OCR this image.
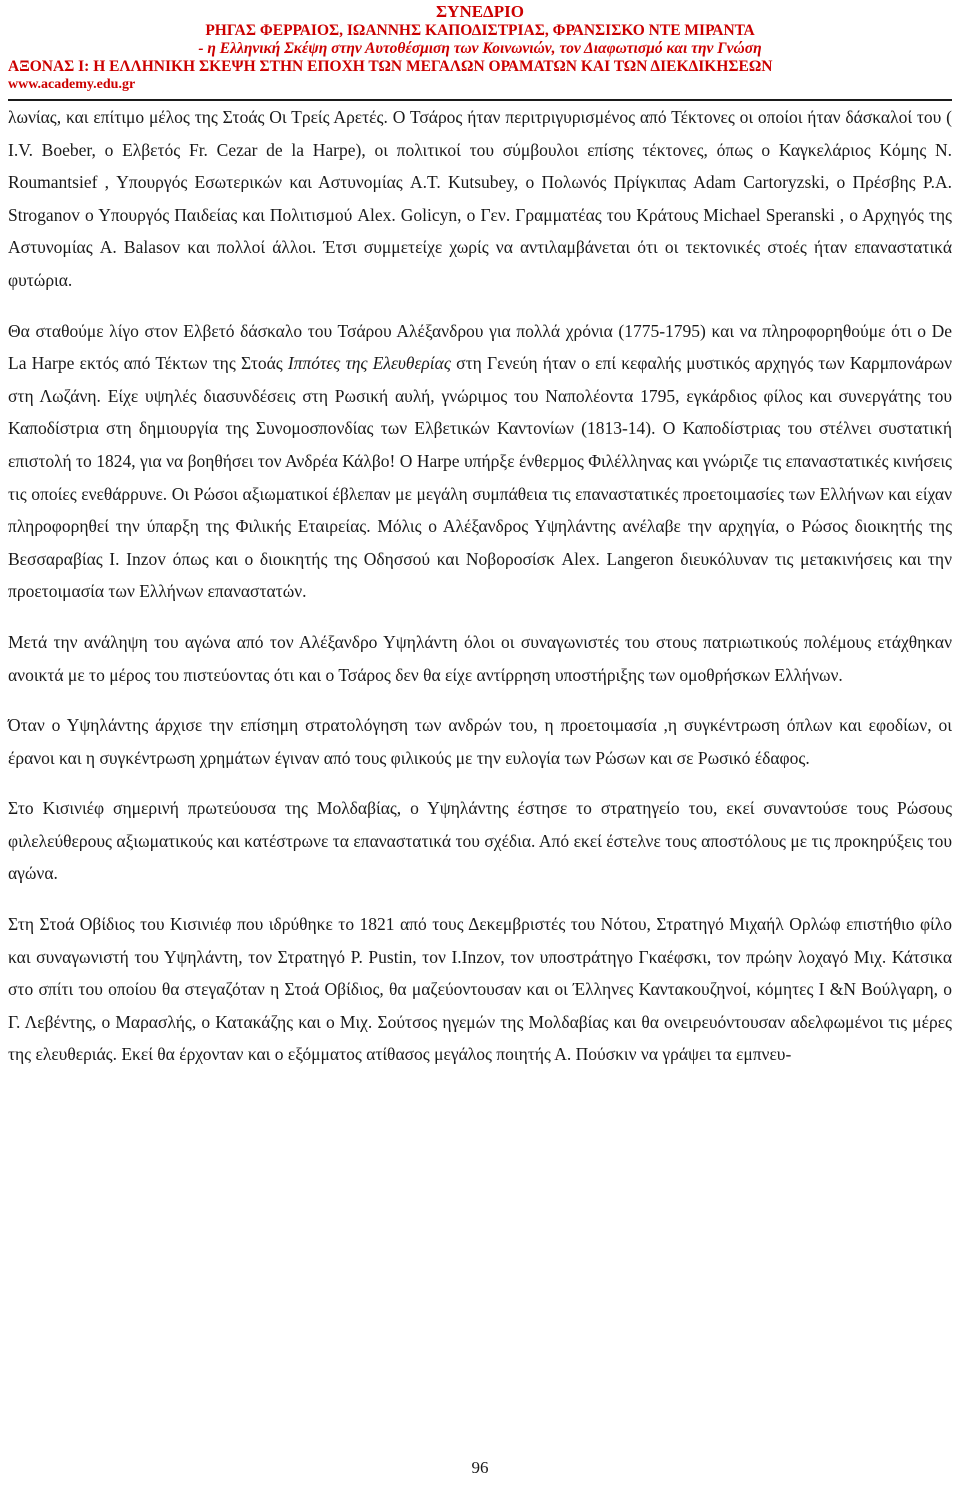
ΣΥΝΕΔΡΙΟ
ΡΗΓΑΣ ΦΕΡΡΑΙΟΣ, ΙΩΑΝΝΗΣ ΚΑΠΟΔΙΣΤΡΙΑΣ, ΦΡΑΝΣΙΣΚΟ ΝΤΕ ΜΙΡΑΝΤΑ
- η Ελληνική Σκέψη στην Αυτοθέσμιση των Κοινωνιών, τον Διαφωτισμό και την Γνώση
ΑΞΟΝΑΣ Ι: Η ΕΛΛΗΝΙΚΗ ΣΚΕΨΗ ΣΤΗΝ ΕΠΟΧΗ ΤΩΝ ΜΕΓΑΛΩΝ ΟΡΑΜΑΤΩΝ ΚΑΙ ΤΩΝ ΔΙΕΚΔΙΚΗΣΕΩΝ
www.academy.edu.gr

λωνίας, και επίτιμο μέλος της Στοάς Οι Τρείς Αρετές. Ο Τσάρος ήταν περιτριγυρισμένος από Τέκτονες οι οποίοι ήταν δάσκαλοί του ( I.V. Boeber, ο Ελβετός Fr. Cezar de la Harpe), οι πολιτικοί του σύμβουλοι επίσης τέκτονες, όπως ο Καγκελάριος Κόμης N. Roumantsief , Υπουργός Εσωτερικών και Αστυνομίας A.T. Kutsubey, ο Πολωνός Πρίγκιπας Adam Cartoryzski, ο Πρέσβης P.A. Stroganov ο Υπουργός Παιδείας και Πολιτισμού Alex. Golicyn, ο Γεν. Γραμματέας του Κράτους Michael Speranski , ο Αρχηγός της Αστυνομίας A. Balasov και πολλοί άλλοι. Έτσι συμμετείχε χωρίς να αντιλαμβάνεται ότι οι τεκτονικές στοές ήταν επαναστατικά φυτώρια.

Θα σταθούμε λίγο στον Ελβετό δάσκαλο του Τσάρου Αλέξανδρου για πολλά χρόνια (1775-1795) και να πληροφορηθούμε ότι ο De La Harpe εκτός από Τέκτων της Στοάς Ιππότες της Ελευθερίας στη Γενεύη ήταν ο επί κεφαλής μυστικός αρχηγός των Καρμπονάρων στη Λωζάνη. Είχε υψηλές διασυνδέσεις στη Ρωσική αυλή, γνώριμος του Ναπολέοντα 1795, εγκάρδιος φίλος και συνεργάτης του Καποδίστρια στη δημιουργία της Συνομοσπονδίας των Ελβετικών Καντονίων (1813-14). Ο Καποδίστριας του στέλνει συστατική επιστολή το 1824, για να βοηθήσει τον Ανδρέα Κάλβο! Ο Harpe υπήρξε ένθερμος Φιλέλληνας και γνώριζε τις επαναστατικές κινήσεις τις οποίες ενεθάρρυνε. Οι Ρώσοι αξιωματικοί έβλεπαν με μεγάλη συμπάθεια τις επαναστατικές προετοιμασίες των Ελλήνων και είχαν πληροφορηθεί την ύπαρξη της Φιλικής Εταιρείας. Μόλις ο Αλέξανδρος Υψηλάντης ανέλαβε την αρχηγία, ο Ρώσος διοικητής της Βεσσαραβίας I. Inzov όπως και ο διοικητής της Οδησσού και Νοβοροσίσκ Alex. Langeron διευκόλυναν τις μετακινήσεις και την προετοιμασία των Ελλήνων επαναστατών.

Μετά την ανάληψη του αγώνα από τον Αλέξανδρο Υψηλάντη όλοι οι συναγωνιστές του στους πατριωτικούς πολέμους ετάχθηκαν ανοικτά με το μέρος του πιστεύοντας ότι και ο Τσάρος δεν θα είχε αντίρρηση υποστήριξης των ομοθρήσκων Ελλήνων.

Όταν ο Υψηλάντης άρχισε την επίσημη στρατολόγηση των ανδρών του, η προετοιμασία ,η συγκέντρωση όπλων και εφοδίων, οι έρανοι και η συγκέντρωση χρημάτων έγιναν από τους φιλικούς με την ευλογία των Ρώσων και σε Ρωσικό έδαφος.

Στο Κισινιέφ σημερινή πρωτεύουσα της Μολδαβίας, ο Υψηλάντης έστησε το στρατηγείο του, εκεί συναντούσε τους Ρώσους φιλελεύθερους αξιωματικούς και κατέστρωνε τα επαναστατικά του σχέδια. Από εκεί έστελνε τους αποστόλους με τις προκηρύξεις του αγώνα.

Στη Στοά Οβίδιος του Κισινιέφ που ιδρύθηκε το 1821 από τους Δεκεμβριστές του Νότου, Στρατηγό Μιχαήλ Ορλώφ επιστήθιο φίλο και συναγωνιστή του Υψηλάντη, τον Στρατηγό P. Pustin, τον I.Inzov, τον υποστράτηγο Γκαέφσκι, τον πρώην λοχαγό Μιχ. Κάτσικα στο σπίτι του οποίου θα στεγαζόταν η Στοά Οβίδιος, θα μαζεύοντουσαν και οι Έλληνες Καντακουζηνοί, κόμητες Ι &Ν Βούλγαρη, ο Γ. Λεβέντης, ο Μαρασλής, ο Κατακάζης και ο Μιχ. Σούτσος ηγεμών της Μολδαβίας και θα ονειρευόντουσαν αδελφωμένοι τις μέρες της ελευθεριάς. Εκεί θα έρχονταν και ο εξόμματος ατίθασος μεγάλος ποιητής Α. Πούσκιν να γράψει τα εμπνευ-

96
